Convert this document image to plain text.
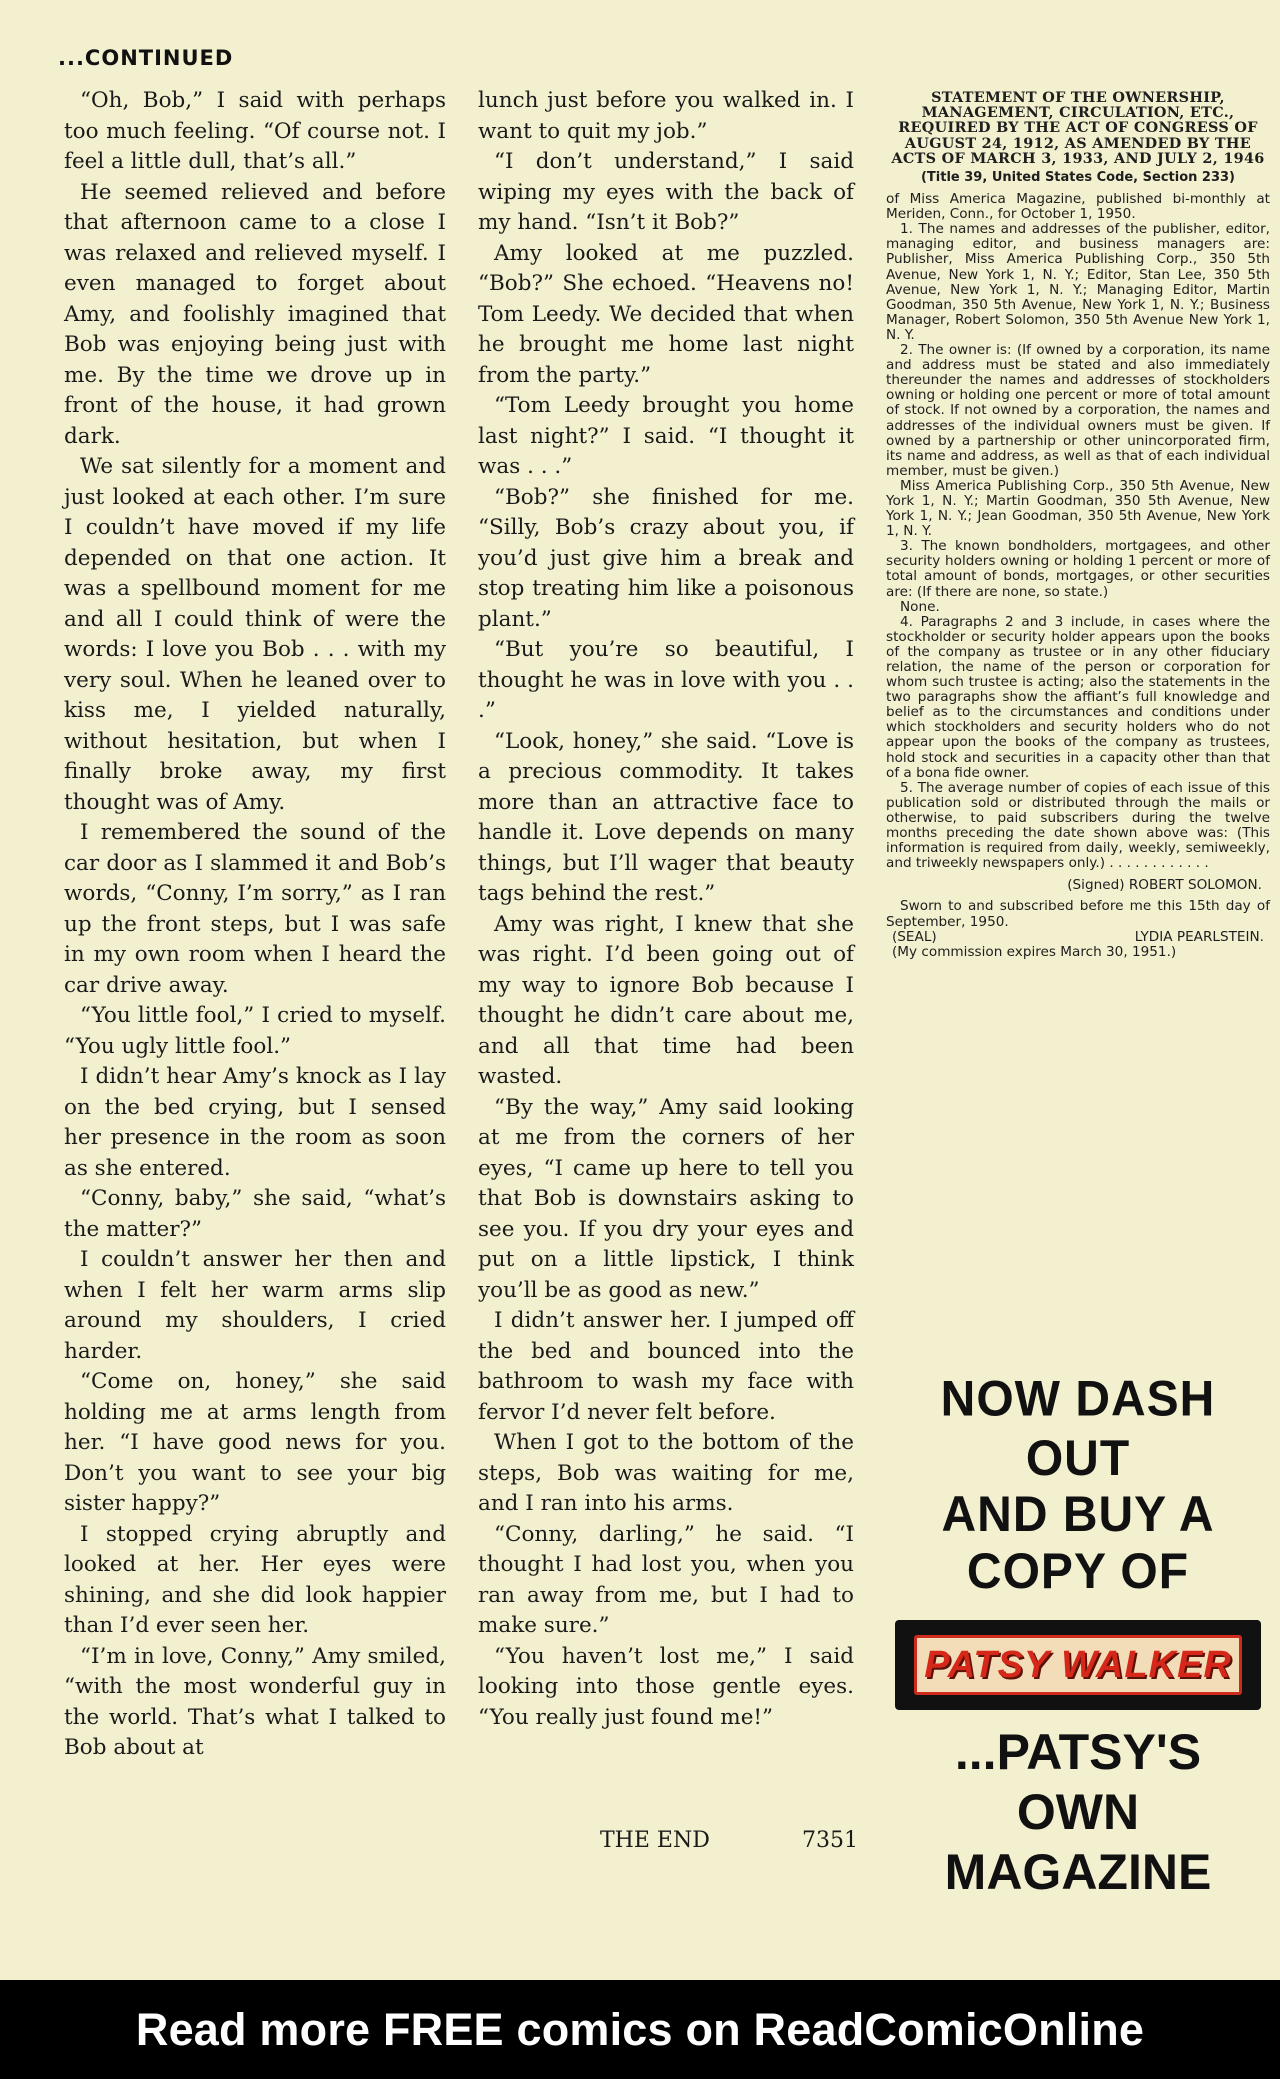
...CONTINUED

“Oh, Bob,” I said with perhaps too much feeling. “Of course not. I feel a little dull, that’s all.”

He seemed relieved and before that afternoon came to a close I was relaxed and relieved myself. I even managed to forget about Amy, and foolishly imagined that Bob was enjoying being just with me. By the time we drove up in front of the house, it had grown dark.

We sat silently for a moment and just looked at each other. I’m sure I couldn’t have moved if my life depended on that one action. It was a spellbound moment for me and all I could think of were the words: I love you Bob . . . with my very soul. When he leaned over to kiss me, I yielded naturally, without hesitation, but when I finally broke away, my first thought was of Amy.

I remembered the sound of the car door as I slammed it and Bob’s words, “Conny, I’m sorry,” as I ran up the front steps, but I was safe in my own room when I heard the car drive away.

“You little fool,” I cried to myself. “You ugly little fool.”

I didn’t hear Amy’s knock as I lay on the bed crying, but I sensed her presence in the room as soon as she entered.

“Conny, baby,” she said, “what’s the matter?”

I couldn’t answer her then and when I felt her warm arms slip around my shoulders, I cried harder.

“Come on, honey,” she said holding me at arms length from her. “I have good news for you. Don’t you want to see your big sister happy?”

I stopped crying abruptly and looked at her. Her eyes were shining, and she did look happier than I’d ever seen her.

“I’m in love, Conny,” Amy smiled, “with the most wonderful guy in the world. That’s what I talked to Bob about at

lunch just before you walked in. I want to quit my job.”

“I don’t understand,” I said wiping my eyes with the back of my hand. “Isn’t it Bob?”

Amy looked at me puzzled. “Bob?” She echoed. “Heavens no! Tom Leedy. We decided that when he brought me home last night from the party.”

“Tom Leedy brought you home last night?” I said. “I thought it was . . .”

“Bob?” she finished for me. “Silly, Bob’s crazy about you, if you’d just give him a break and stop treating him like a poisonous plant.”

“But you’re so beautiful, I thought he was in love with you . . .”

“Look, honey,” she said. “Love is a precious commodity. It takes more than an attractive face to handle it. Love depends on many things, but I’ll wager that beauty tags behind the rest.”

Amy was right, I knew that she was right. I’d been going out of my way to ignore Bob because I thought he didn’t care about me, and all that time had been wasted.

“By the way,” Amy said looking at me from the corners of her eyes, “I came up here to tell you that Bob is downstairs asking to see you. If you dry your eyes and put on a little lipstick, I think you’ll be as good as new.”

I didn’t answer her. I jumped off the bed and bounced into the bathroom to wash my face with fervor I’d never felt before.

When I got to the bottom of the steps, Bob was waiting for me, and I ran into his arms.

“Conny, darling,” he said. “I thought I had lost you, when you ran away from me, but I had to make sure.”

“You haven’t lost me,” I said looking into those gentle eyes. “You really just found me!”

THE END	7351
STATEMENT OF THE OWNERSHIP, MANAGEMENT, CIRCULATION, ETC., REQUIRED BY THE ACT OF CONGRESS OF AUGUST 24, 1912, AS AMENDED BY THE ACTS OF MARCH 3, 1933, AND JULY 2, 1946
(Title 39, United States Code, Section 233)

of Miss America Magazine, published bi-monthly at Meriden, Conn., for October 1, 1950.

1. The names and addresses of the publisher, editor, managing editor, and business managers are: Publisher, Miss America Publishing Corp., 350 5th Avenue, New York 1, N. Y.; Editor, Stan Lee, 350 5th Avenue, New York 1, N. Y.; Managing Editor, Martin Goodman, 350 5th Avenue, New York 1, N. Y.; Business Manager, Robert Solomon, 350 5th Avenue New York 1, N. Y.

2. The owner is: (If owned by a corporation, its name and address must be stated and also immediately thereunder the names and addresses of stockholders owning or holding one percent or more of total amount of stock. If not owned by a corporation, the names and addresses of the individual owners must be given. If owned by a partnership or other unincorporated firm, its name and address, as well as that of each individual member, must be given.)

Miss America Publishing Corp., 350 5th Avenue, New York 1, N. Y.; Martin Goodman, 350 5th Avenue, New York 1, N. Y.; Jean Goodman, 350 5th Avenue, New York 1, N. Y.

3. The known bondholders, mortgagees, and other security holders owning or holding 1 percent or more of total amount of bonds, mortgages, or other securities are: (If there are none, so state.)

None.

4. Paragraphs 2 and 3 include, in cases where the stockholder or security holder appears upon the books of the company as trustee or in any other fiduciary relation, the name of the person or corporation for whom such trustee is acting; also the statements in the two paragraphs show the affiant’s full knowledge and belief as to the circumstances and conditions under which stockholders and security holders who do not appear upon the books of the company as trustees, hold stock and securities in a capacity other than that of a bona fide owner.

5. The average number of copies of each issue of this publication sold or distributed through the mails or otherwise, to paid subscribers during the twelve months preceding the date shown above was: (This information is required from daily, weekly, semiweekly, and triweekly newspapers only.) . . . . . . . . . . . .

(Signed) ROBERT SOLOMON.

Sworn to and subscribed before me this 15th day of September, 1950.

(SEAL)	LYDIA PEARLSTEIN.

(My commission expires March 30, 1951.)

NOW DASH OUT

AND BUY A

COPY OF

PATSY WALKER

...PATSY'S

OWN

MAGAZINE

Read more FREE comics on ReadComicOnline
